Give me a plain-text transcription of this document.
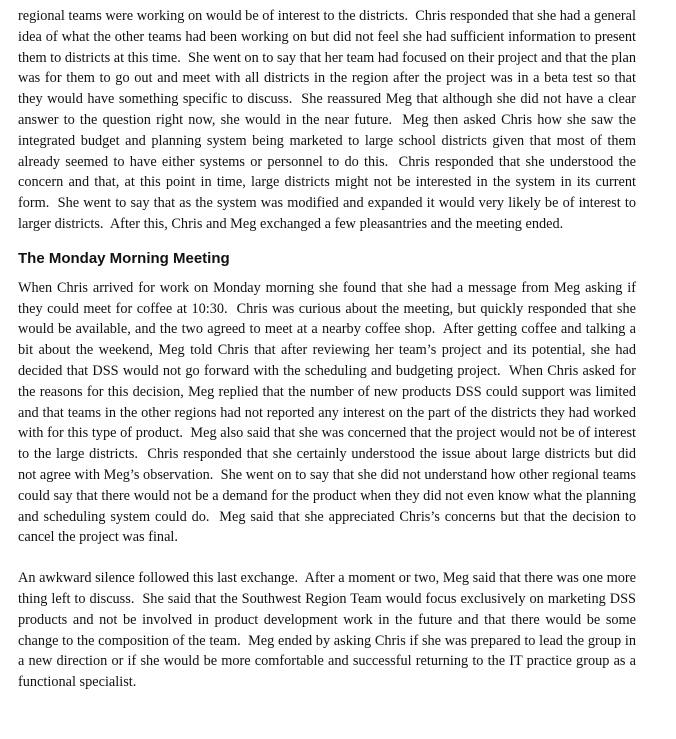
regional teams were working on would be of interest to the districts.  Chris responded that she had a general idea of what the other teams had been working on but did not feel she had sufficient information to present them to districts at this time.  She went on to say that her team had focused on their project and that the plan was for them to go out and meet with all districts in the region after the project was in a beta test so that they would have something specific to discuss.  She reassured Meg that although she did not have a clear answer to the question right now, she would in the near future.  Meg then asked Chris how she saw the integrated budget and planning system being marketed to large school districts given that most of them already seemed to have either systems or personnel to do this.  Chris responded that she understood the concern and that, at this point in time, large districts might not be interested in the system in its current form.  She went to say that as the system was modified and expanded it would very likely be of interest to larger districts.  After this, Chris and Meg exchanged a few pleasantries and the meeting ended.

The Monday Morning Meeting

When Chris arrived for work on Monday morning she found that she had a message from Meg asking if they could meet for coffee at 10:30.  Chris was curious about the meeting, but quickly responded that she would be available, and the two agreed to meet at a nearby coffee shop.  After getting coffee and talking a bit about the weekend, Meg told Chris that after reviewing her team’s project and its potential, she had decided that DSS would not go forward with the scheduling and budgeting project.  When Chris asked for the reasons for this decision, Meg replied that the number of new products DSS could support was limited and that teams in the other regions had not reported any interest on the part of the districts they had worked with for this type of product.  Meg also said that she was concerned that the project would not be of interest to the large districts.  Chris responded that she certainly understood the issue about large districts but did not agree with Meg’s observation.  She went on to say that she did not understand how other regional teams could say that there would not be a demand for the product when they did not even know what the planning and scheduling system could do.  Meg said that she appreciated Chris’s concerns but that the decision to cancel the project was final.

An awkward silence followed this last exchange.  After a moment or two, Meg said that there was one more thing left to discuss.  She said that the Southwest Region Team would focus exclusively on marketing DSS products and not be involved in product development work in the future and that there would be some change to the composition of the team.  Meg ended by asking Chris if she was prepared to lead the group in a new direction or if she would be more comfortable and successful returning to the IT practice group as a functional specialist.
